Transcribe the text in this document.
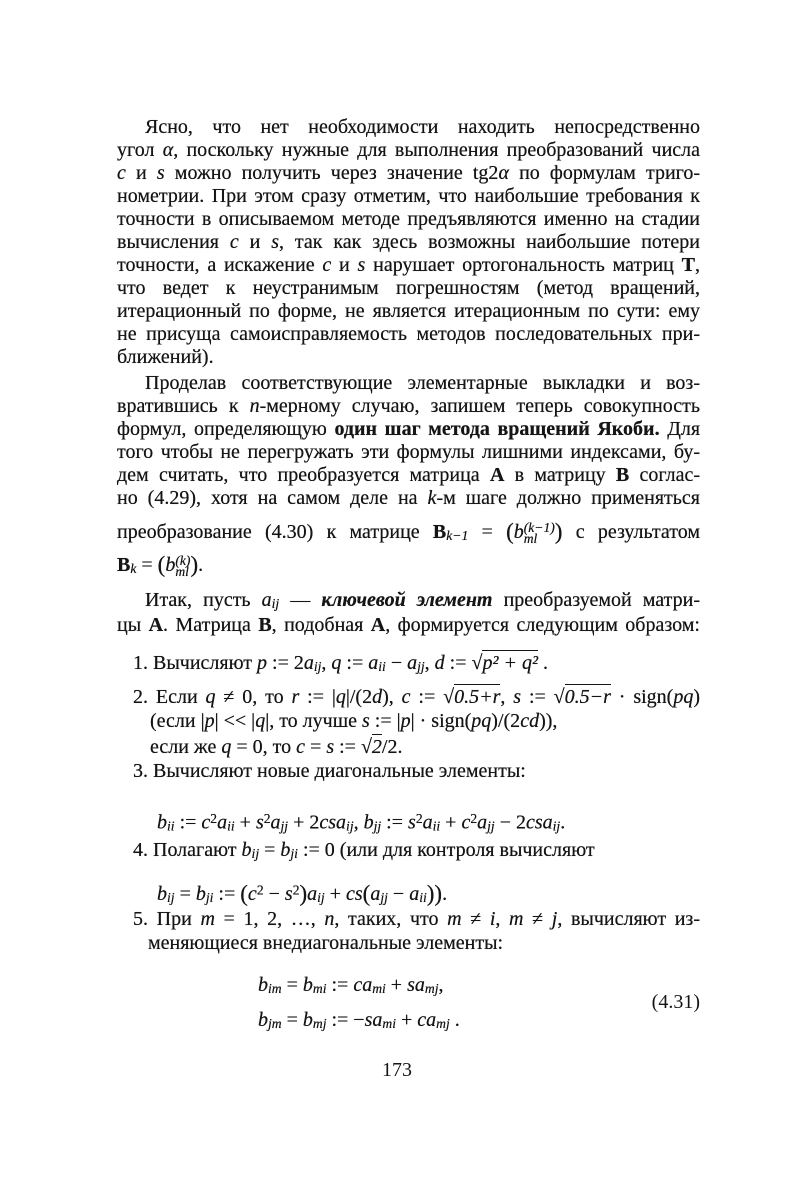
Ясно, что нет необходимости находить непосредственно
угол α, поскольку нужные для выполнения преобразований числа
c и s можно получить через значение tg2α по формулам триго-
нометрии. При этом сразу отметим, что наибольшие требования к
точности в описываемом методе предъявляются именно на стадии
вычисления c и s, так как здесь возможны наибольшие потери
точности, а искажение c и s нарушает ортогональность матриц T,
что ведет к неустранимым погрешностям (метод вращений,
итерационный по форме, не является итерационным по сути: ему
не присуща самоисправляемость методов последовательных при-
ближений).
Проделав соответствующие элементарные выкладки и воз-
вратившись к n-мерному случаю, запишем теперь совокупность
формул, определяющую один шаг метода вращений Якоби. Для
того чтобы не перегружать эти формулы лишними индексами, бу-
дем считать, что преобразуется матрица A в матрицу B соглас-
но (4.29), хотя на самом деле на k-м шаге должно применяться
преобразование (4.30) к матрице Bk−1 = (b (k−1)
ml ) с результатом
Bk = (b (k)
ml ).
Итак, пусть aij — ключевой элемент преобразуемой матри-
цы A. Матрица B, подобная A, формируется следующим образом:
1. Вычисляют p := 2aij, q := aii − ajj, d := √p² + q² .
2. Если q ≠ 0, то r := |q|/(2d), c := √0.5+r, s := √0.5−r · sign(pq)
(если |p| << |q|, то лучше s := |p| · sign(pq)/(2cd)),
если же q = 0, то c = s := √2/2.
3. Вычисляют новые диагональные элементы:
bii := $c^2aii + s^2ajj$ + 2csaij, bjj := $s^2aii + c^2ajj$ − 2csaij.
4. Полагают bij = bji := 0 (или для контроля вычисляют
bij = bji := $(c^2 - s^2)aij + cs(ajj - aii)$).
5. При m = 1, 2, …, n, таких, что m ≠ i, m ≠ j, вычисляют из-
меняющиеся внедиагональные элементы:
bim = bmi := cami + samj,
bjm = bmj := −sami + camj .
(4.31)
173
